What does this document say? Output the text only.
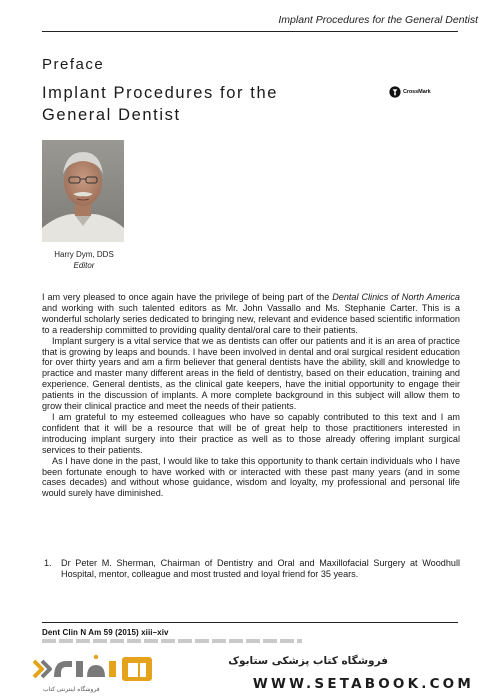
Implant Procedures for the General Dentist
Preface
Implant Procedures for the
General Dentist
CrossMark
Harry Dym, DDS
Editor

I am very pleased to once again have the privilege of being part of the Dental Clinics of North America and working with such talented editors as Mr. John Vassallo and Ms. Stephanie Carter. This is a wonderful scholarly series dedicated to bringing new, relevant and evidence based scientific information to a readership committed to providing quality dental/oral care to their patients.

Implant surgery is a vital service that we as dentists can offer our patients and it is an area of practice that is growing by leaps and bounds. I have been involved in dental and oral surgical resident education for over thirty years and am a firm believer that general dentists have the ability, skill and knowledge to practice and master many different areas in the field of dentistry, based on their education, training and experience. General dentists, as the clinical gate keepers, have the initial opportunity to engage their patients in the discussion of implants. A more complete background in this subject will allow them to grow their clinical practice and meet the needs of their patients.

I am grateful to my esteemed colleagues who have so capably contributed to this text and I am confident that it will be a resource that will be of great help to those practitioners interested in introducing implant surgery into their practice as well as to those already offering implant surgical services to their patients.

As I have done in the past, I would like to take this opportunity to thank certain individuals who I have been fortunate enough to have worked with or interacted with these past many years (and in some cases decades) and without whose guidance, wisdom and loyalty, my professional and personal life would surely have diminished.

1. Dr Peter M. Sherman, Chairman of Dentistry and Oral and Maxillofacial Surgery at Woodhull Hospital, mentor, colleague and most trusted and loyal friend for 35 years.
Dent Clin N Am 59 (2015) xiii–xiv
فروشگاه اینترنتی کتاب
فروشگاه کتاب پزشکی ستابوک
WWW.SETABOOK.COM
